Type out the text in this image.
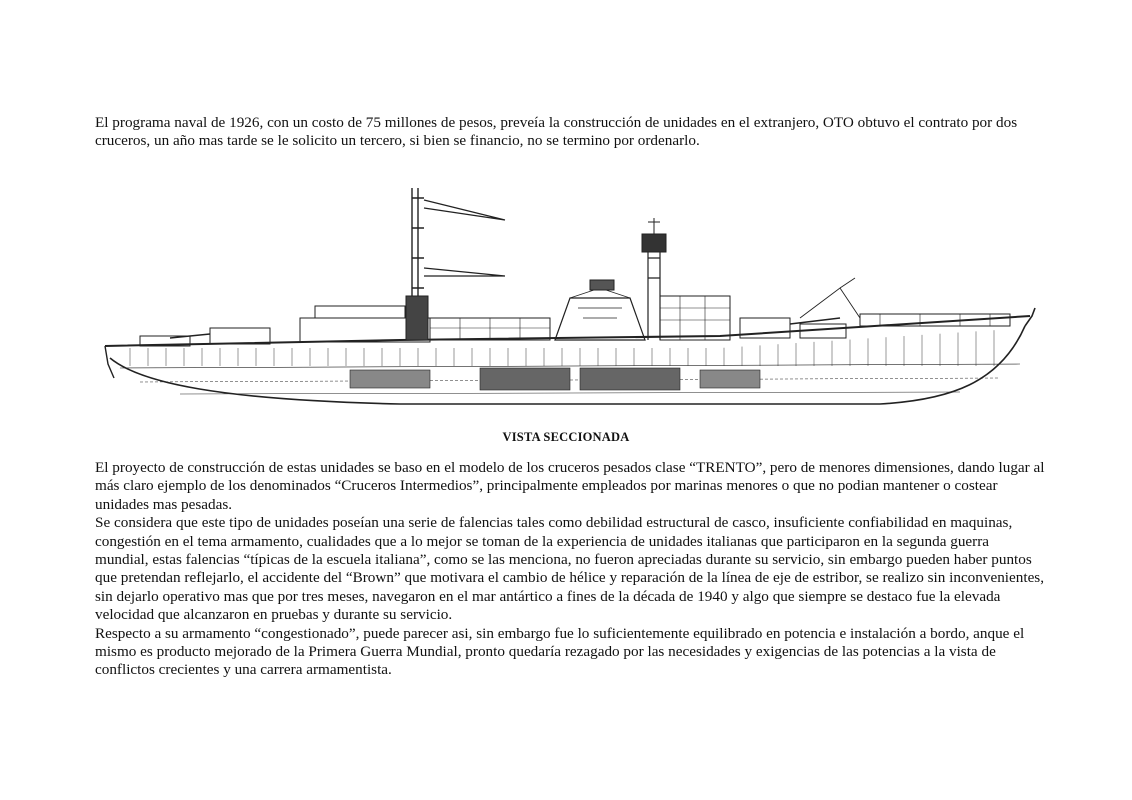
El programa naval de 1926, con un costo de 75 millones de pesos, preveía la construcción de unidades en el extranjero, OTO obtuvo el contrato por dos cruceros, un año mas tarde se le solicito un tercero, si bien se financio, no se termino por ordenarlo.

VISTA SECCIONADA

El proyecto de construcción de estas unidades se baso en el modelo de los cruceros pesados clase “TRENTO”, pero de menores dimensiones, dando lugar al más claro ejemplo de los denominados “Cruceros Intermedios”, principalmente empleados por marinas menores o que no podian mantener o costear unidades mas pesadas.

Se considera que este tipo de unidades poseían una serie de falencias tales como debilidad estructural de casco, insuficiente confiabilidad en maquinas, congestión en el tema armamento, cualidades que a lo mejor se toman de la experiencia de unidades italianas que participaron en la segunda guerra mundial, estas falencias “típicas de la escuela italiana”, como se las menciona, no fueron apreciadas durante su servicio, sin embargo pueden haber puntos que pretendan reflejarlo, el accidente del “Brown” que motivara el cambio de hélice y reparación de la línea de eje de estribor, se realizo sin inconvenientes, sin dejarlo operativo mas que por tres meses, navegaron en el mar antártico a fines de la década de 1940 y algo que siempre se destaco fue la elevada velocidad que alcanzaron en pruebas y durante su servicio.

Respecto a su armamento “congestionado”, puede parecer asi, sin embargo fue lo suficientemente equilibrado en potencia e instalación a bordo, anque el mismo es producto mejorado de la Primera Guerra Mundial, pronto quedaría rezagado por las necesidades y exigencias de las potencias a la vista de conflictos crecientes y una carrera armamentista.
